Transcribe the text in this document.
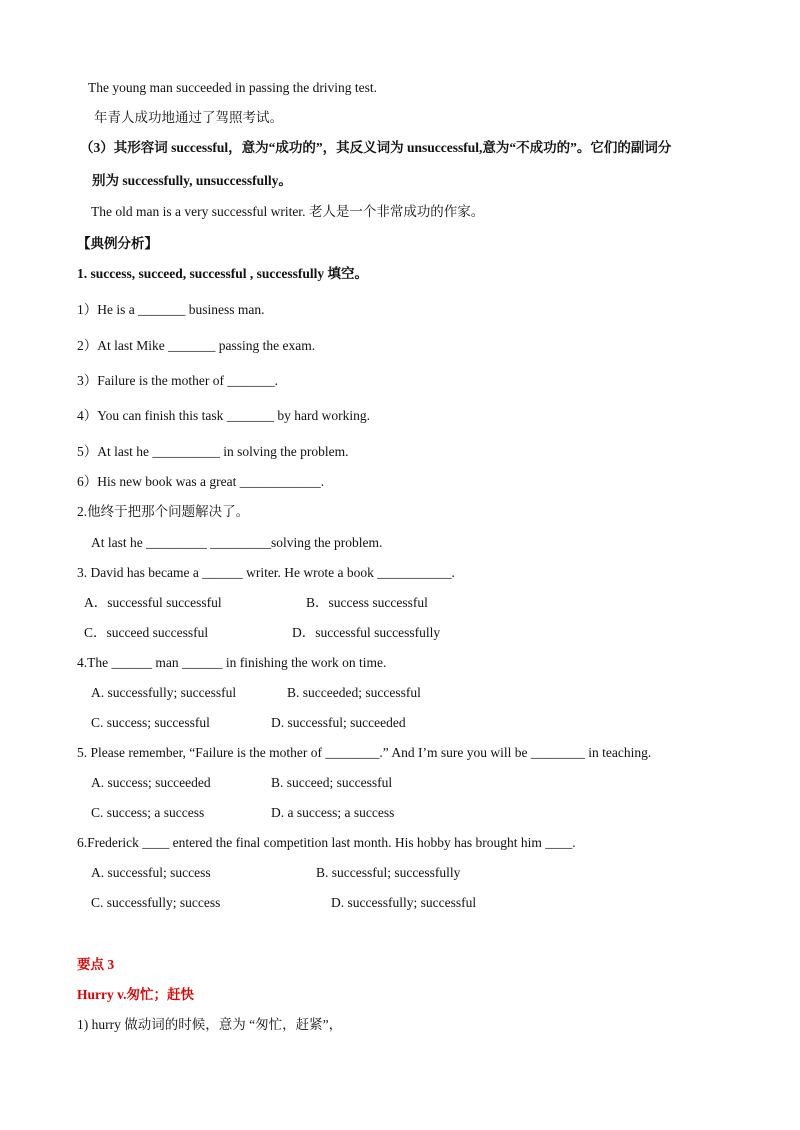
The young man succeeded in passing the driving test.
年青人成功地通过了驾照考试。
（3）其形容词 successful，意为“成功的”，其反义词为 unsuccessful,意为“不成功的”。它们的副词分
别为 successfully, unsuccessfully。
The old man is a very successful writer. 老人是一个非常成功的作家。
【典例分析】
1. success, succeed, successful , successfully 填空。
1）He is a _______ business man.
2）At last Mike _______ passing the exam.
3）Failure is the mother of _______.
4）You can finish this task _______ by hard working.
5）At last he __________ in solving the problem.
6）His new book was a great ____________.
2.他终于把那个问题解决了。
At last he _________ _________solving the problem.
3. David has became a ______ writer. He wrote a book ___________.
A．successful successful	B．success successful
C．succeed successful	D．successful successfully
4.The ______ man ______ in finishing the work on time.
A. successfully; successful	B. succeeded; successful
C. success; successful	D. successful; succeeded
5. Please remember, “Failure is the mother of ________.” And I’m sure you will be ________ in teaching.
A. success; succeeded	B. succeed; successful
C. success; a success	D. a success; a success
6.Frederick ____ entered the final competition last month. His hobby has brought him ____.
A. successful; success	B. successful; successfully
C. successfully; success	D. successfully; successful
要点 3
Hurry v.匆忙；赶快
1) hurry 做动词的时候，意为 “匆忙，赶紧”，
